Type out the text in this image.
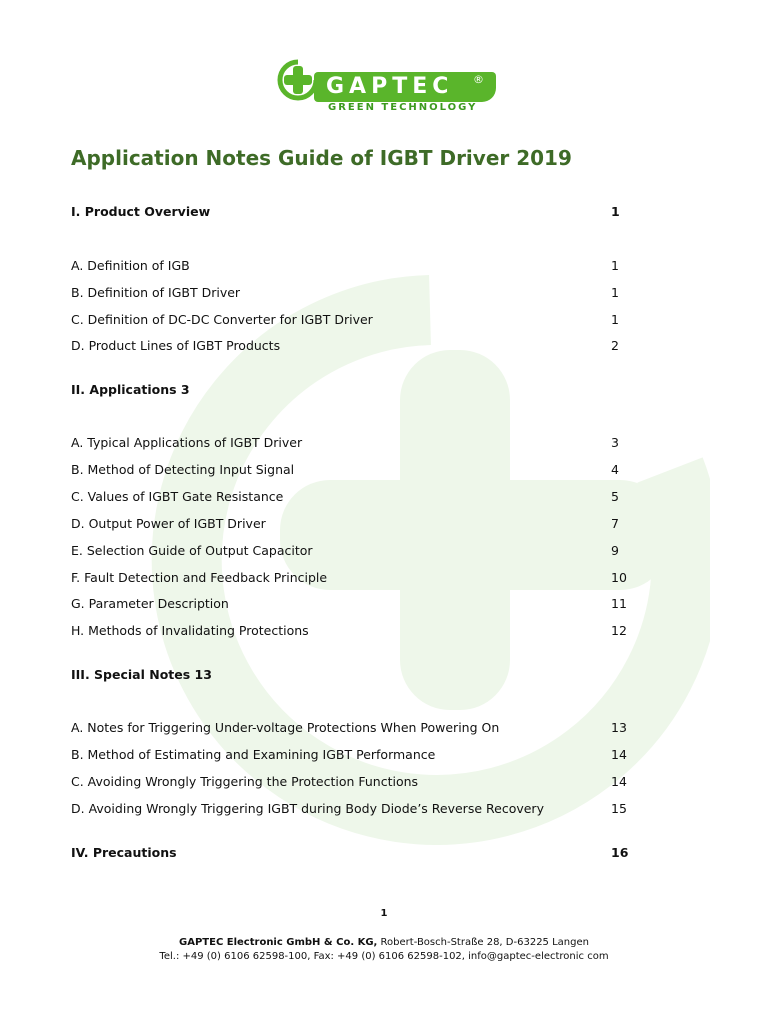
GAPTEC ®
GREEN TECHNOLOGY
Application Notes Guide of IGBT Driver 2019
I. Product Overview	1
A. Definition of IGB	1
B. Definition of IGBT Driver	1
C. Definition of DC-DC Converter for IGBT Driver	1
D. Product Lines of IGBT Products	2
II. Applications 3
A. Typical Applications of IGBT Driver	3
B. Method of Detecting Input Signal	4
C. Values of IGBT Gate Resistance	5
D. Output Power of IGBT Driver	7
E. Selection Guide of Output Capacitor	9
F. Fault Detection and Feedback Principle	10
G. Parameter Description	11
H. Methods of Invalidating Protections	12
III. Special Notes 13
A. Notes for Triggering Under-voltage Protections When Powering On	13
B. Method of Estimating and Examining IGBT Performance	14
C. Avoiding Wrongly Triggering the Protection Functions	14
D. Avoiding Wrongly Triggering IGBT during Body Diode’s Reverse Recovery	15
IV. Precautions	16
1
GAPTEC Electronic GmbH & Co. KG, Robert-Bosch-Straße 28, D-63225 Langen
Tel.: +49 (0) 6106 62598-100, Fax: +49 (0) 6106 62598-102, info@gaptec-electronic com
